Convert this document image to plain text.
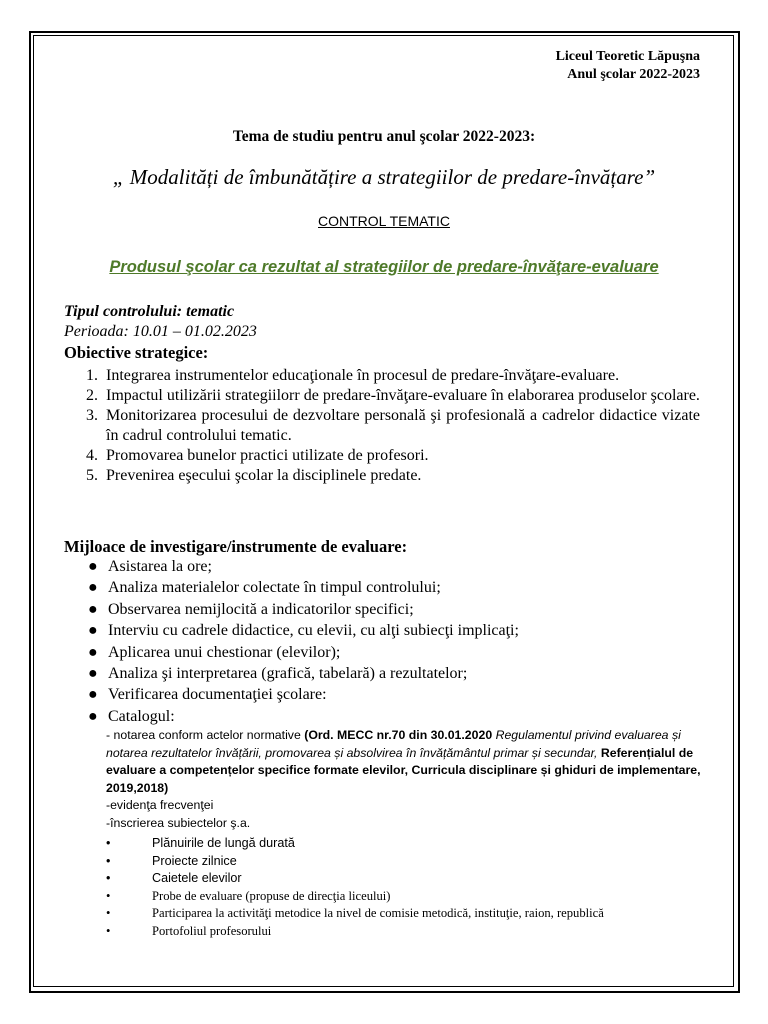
Liceul Teoretic Lăpuşna
Anul şcolar 2022-2023
Tema de studiu pentru anul şcolar 2022-2023:
„ Modalități de îmbunătățire a strategiilor de predare-învățare”
CONTROL TEMATIC
Produsul şcolar ca rezultat al strategiilor de predare-învăţare-evaluare
Tipul controlului: tematic
Perioada: 10.01 – 01.02.2023
Obiective strategice:
1. Integrarea instrumentelor educaţionale în procesul de predare-învăţare-evaluare.
2. Impactul utilizării strategiilorr de predare-învăţare-evaluare în elaborarea produselor şcolare.
3. Monitorizarea procesului de dezvoltare personală şi profesională a cadrelor didactice vizate în cadrul controlului tematic.
4. Promovarea bunelor practici utilizate de profesori.
5. Prevenirea eşecului şcolar la disciplinele predate.
Mijloace de investigare/instrumente de evaluare:
● Asistarea la ore;
● Analiza materialelor colectate în timpul controlului;
● Observarea nemijlocită a indicatorilor specifici;
● Interviu cu cadrele didactice, cu elevii, cu alţi subiecţi implicaţi;
● Aplicarea unui chestionar (elevilor);
● Analiza şi interpretarea (grafică, tabelară) a rezultatelor;
● Verificarea documentaţiei şcolare:
● Catalogul:
- notarea conform actelor normative (Ord. MECC nr.70 din 30.01.2020 Regulamentul privind evaluarea și notarea rezultatelor învățării, promovarea și absolvirea în învățământul primar și secundar, Referențialul de evaluare a competențelor specifice formate elevilor, Curricula disciplinare și ghiduri de implementare, 2019,2018)
-evidenţa frecvenţei
-înscrierea subiectelor ş.a.
•	Plănuirile de lungă durată
•	Proiecte zilnice
•	Caietele elevilor
•	Probe de evaluare (propuse de direcţia liceului)
•	Participarea la activităţi metodice la nivel de comisie metodică, instituţie, raion, republică
•	Portofoliul profesorului
